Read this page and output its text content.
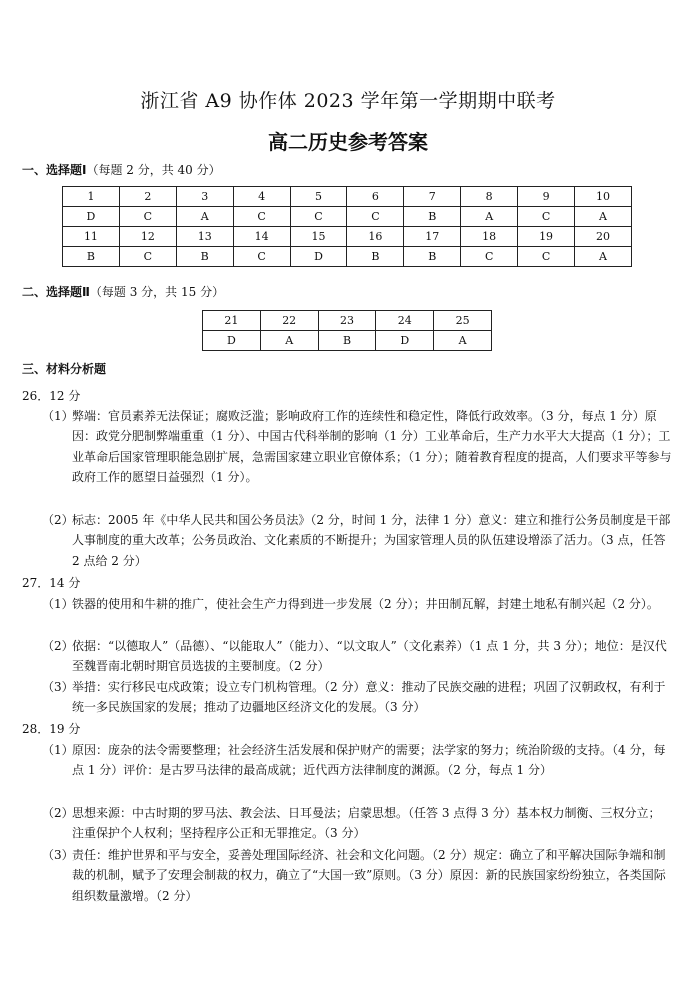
浙江省 A9 协作体 2023 学年第一学期期中联考
高二历史参考答案
一、选择题Ⅰ（每题 2 分，共 40 分）
1	2	3	4	5	6	7	8	9	10
D	C	A	C	C	C	B	A	C	A
11	12	13	14	15	16	17	18	19	20
B	C	B	C	D	B	B	C	C	A
二、选择题Ⅱ（每题 3 分，共 15 分）
21	22	23	24	25
D	A	B	D	A
三、材料分析题
26．12 分
（1）
弊端：官员素养无法保证；腐败泛滥；影响政府工作的连续性和稳定性，降低行政效率。（3 分，每点 1 分）原因：政党分肥制弊端重重（1 分）、中国古代科举制的影响（1 分）工业革命后，生产力水平大大提高（1 分）；工业革命后国家管理职能急剧扩展，急需国家建立职业官僚体系；（1 分）；随着教育程度的提高，人们要求平等参与政府工作的愿望日益强烈（1 分）。
（2）
标志：2005 年《中华人民共和国公务员法》（2 分，时间 1 分，法律 1 分）意义：建立和推行公务员制度是干部人事制度的重大改革；公务员政治、文化素质的不断提升；为国家管理人员的队伍建设增添了活力。（3 点，任答 2 点给 2 分）
27．14 分
（1）
铁器的使用和牛耕的推广，使社会生产力得到进一步发展（2 分）；井田制瓦解，封建土地私有制兴起（2 分）。
（2）
依据：“以德取人”（品德）、“以能取人”（能力）、“以文取人”（文化素养）（1 点 1 分，共 3 分）；地位：是汉代至魏晋南北朝时期官员选拔的主要制度。（2 分）
（3）
举措：实行移民屯戍政策；设立专门机构管理。（2 分）意义：推动了民族交融的进程；巩固了汉朝政权，有利于统一多民族国家的发展；推动了边疆地区经济文化的发展。（3 分）
28．19 分
（1）
原因：庞杂的法令需要整理；社会经济生活发展和保护财产的需要；法学家的努力；统治阶级的支持。（4 分，每点 1 分）评价：是古罗马法律的最高成就；近代西方法律制度的渊源。（2 分，每点 1 分）
（2）
思想来源：中古时期的罗马法、教会法、日耳曼法；启蒙思想。（任答 3 点得 3 分）基本权力制衡、三权分立；注重保护个人权利；坚持程序公正和无罪推定。（3 分）
（3）
责任：维护世界和平与安全，妥善处理国际经济、社会和文化问题。（2 分）规定：确立了和平解决国际争端和制裁的机制，赋予了安理会制裁的权力，确立了“大国一致”原则。（3 分）原因：新的民族国家纷纷独立，各类国际组织数量激增。（2 分）
